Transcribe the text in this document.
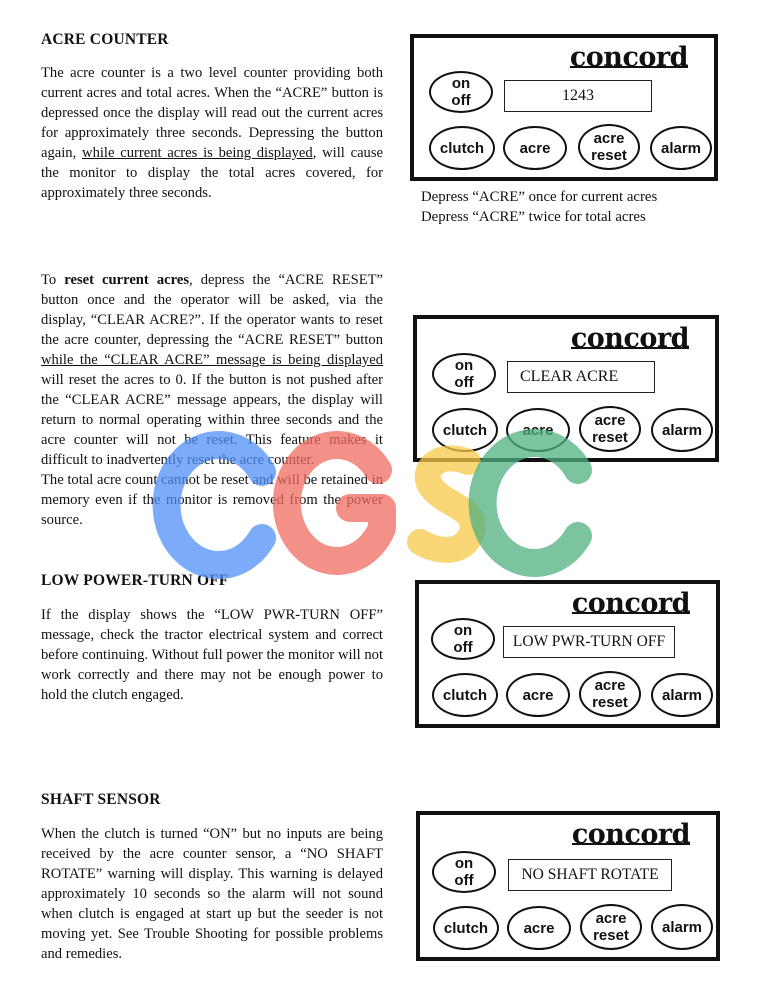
ACRE COUNTER

The acre counter is a two level counter providing both current acres and total acres. When the “ACRE” button is depressed once the display will read out the current acres for approximately three seconds. Depressing the button again, while current acres is being displayed, will cause the monitor to display the total acres covered, for approximately three seconds.

To reset current acres, depress the “ACRE RESET” button once and the operator will be asked, via the display, “CLEAR ACRE?”. If the operator wants to reset the acre counter, depressing the “ACRE RESET” button while the “CLEAR ACRE” message is being displayed will reset the acres to 0. If the button is not pushed after the “CLEAR ACRE” message appears, the display will return to normal operating within three seconds and the acre counter will not be reset. This feature makes it difficult to inadvertently reset the acre counter.

The total acre count cannot be reset and will be retained in memory even if the monitor is removed from the power source.

LOW POWER-TURN OFF

If the display shows the “LOW PWR-TURN OFF” message, check the tractor electrical system and correct before continuing. Without full power the monitor will not work correctly and there may not be enough power to hold the clutch engaged.

SHAFT SENSOR

When the clutch is turned “ON” but no inputs are being received by the acre counter sensor, a “NO SHAFT ROTATE” warning will display. This warning is delayed approximately 10 seconds so the alarm will not sound when clutch is engaged at start up but the seeder is not moving yet. See Trouble Shooting for possible problems and remedies.

concord
on
off	1243
clutch	acre
acre
reset	alarm
Depress “ACRE” once for current acres
Depress “ACRE” twice for total acres
concord
on
off	CLEAR ACRE
clutch	acre
acre
reset	alarm
concord
on
off	LOW PWR-TURN OFF
clutch	acre
acre
reset	alarm
concord
on
off	NO SHAFT ROTATE
clutch	acre
acre
reset	alarm
